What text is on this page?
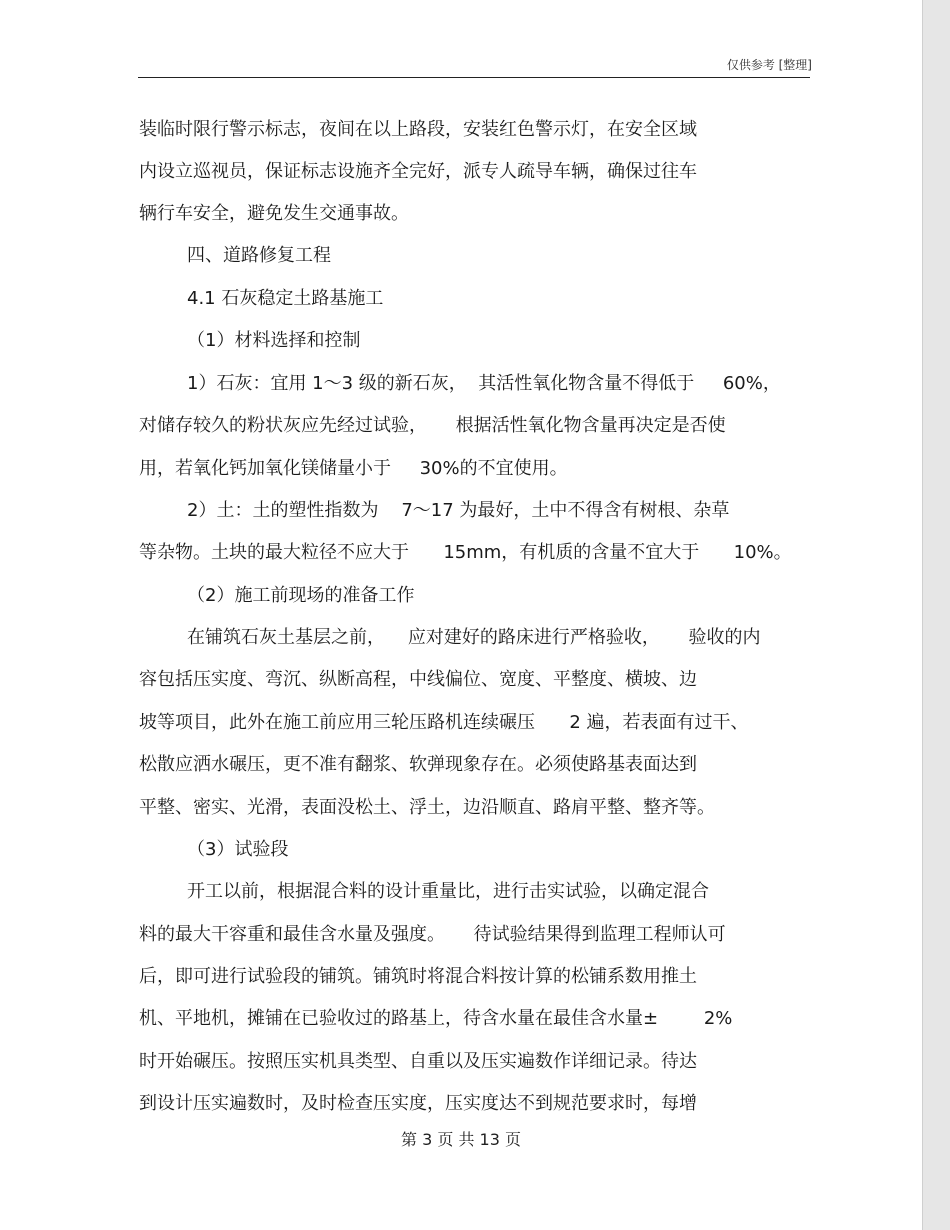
仅供参考 [整理]
装临时限行警示标志，夜间在以上路段，安装红色警示灯，在安全区域
内设立巡视员，保证标志设施齐全完好，派专人疏导车辆，确保过往车
辆行车安全，避免发生交通事故。
四、道路修复工程
4.1 石灰稳定土路基施工
（1）材料选择和控制
1）石灰：宜用 1～3 级的新石灰，  其活性氧化物含量不得低于     60%，
对储存较久的粉状灰应先经过试验，     根据活性氧化物含量再决定是否使
用，若氧化钙加氧化镁储量小于     30%的不宜使用。
2）土：土的塑性指数为    7～17 为最好，土中不得含有树根、杂草
等杂物。土块的最大粒径不应大于      15mm，有机质的含量不宜大于      10%。
（2）施工前现场的准备工作
在铺筑石灰土基层之前，    应对建好的路床进行严格验收，     验收的内
容包括压实度、弯沉、纵断高程，中线偏位、宽度、平整度、横坡、边
坡等项目，此外在施工前应用三轮压路机连续碾压      2 遍，若表面有过干、
松散应洒水碾压，更不准有翻浆、软弹现象存在。必须使路基表面达到
平整、密实、光滑，表面没松土、浮土，边沿顺直、路肩平整、整齐等。
（3）试验段
开工以前，根据混合料的设计重量比，进行击实试验，以确定混合
料的最大干容重和最佳含水量及强度。     待试验结果得到监理工程师认可
后，即可进行试验段的铺筑。铺筑时将混合料按计算的松铺系数用推土
机、平地机，摊铺在已验收过的路基上，待含水量在最佳含水量±        2%
时开始碾压。按照压实机具类型、自重以及压实遍数作详细记录。待达
到设计压实遍数时，及时检查压实度，压实度达不到规范要求时，每增
第 3 页 共 13 页
